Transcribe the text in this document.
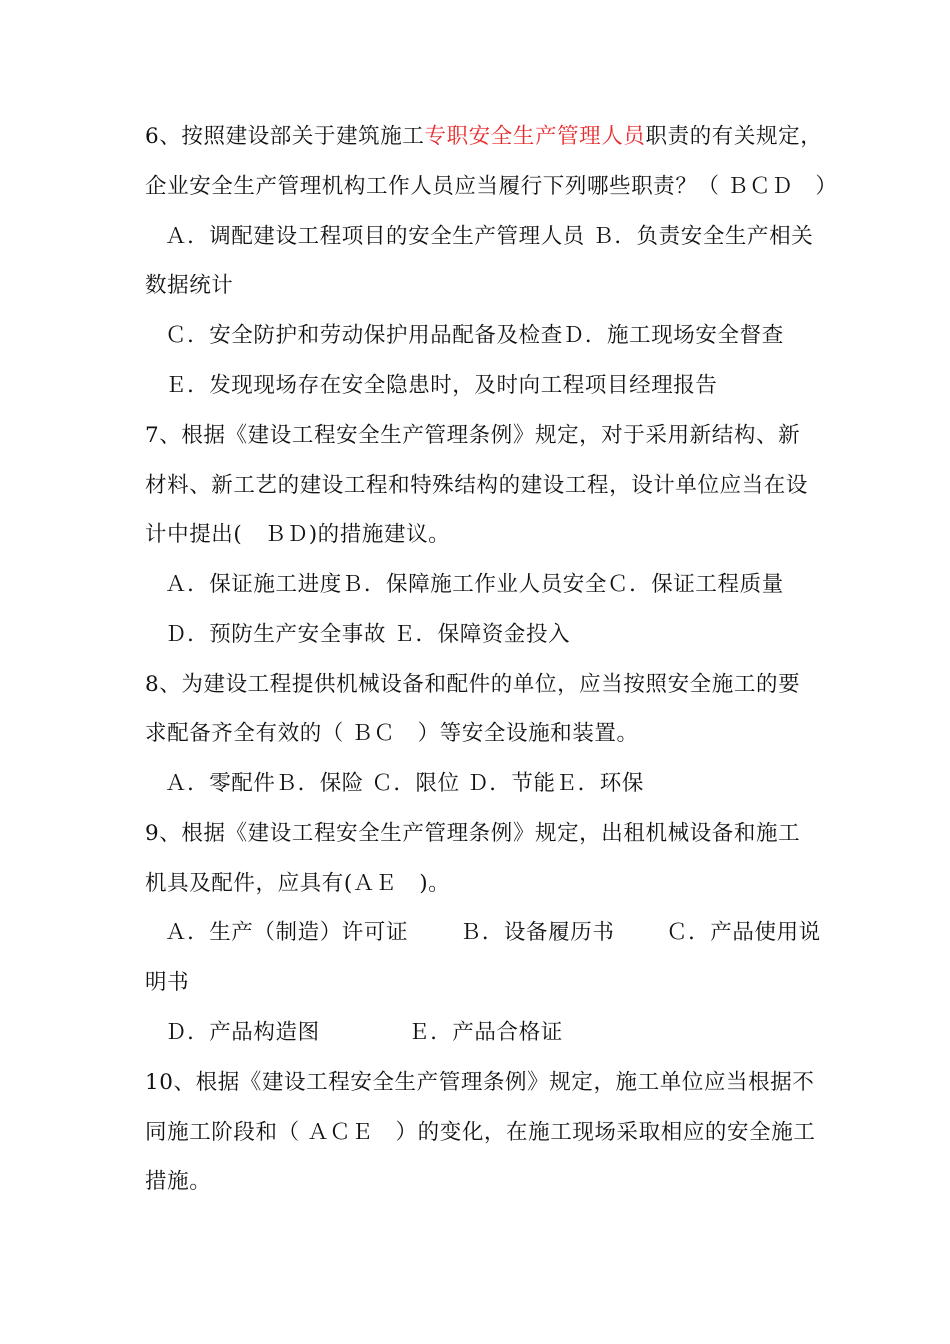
6、按照建设部关于建筑施工专职安全生产管理人员职责的有关规定，
企业安全生产管理机构工作人员应当履行下列哪些职责？（ ＢＣＤ　）
Ａ．调配建设工程项目的安全生产管理人员 Ｂ．负责安全生产相关
数据统计
Ｃ．安全防护和劳动保护用品配备及检查Ｄ．施工现场安全督查
Ｅ．发现现场存在安全隐患时，及时向工程项目经理报告
7、根据《建设工程安全生产管理条例》规定，对于采用新结构、新
材料、新工艺的建设工程和特殊结构的建设工程，设计单位应当在设
计中提出(　ＢＤ)的措施建议。
Ａ．保证施工进度Ｂ．保障施工作业人员安全Ｃ．保证工程质量
Ｄ．预防生产安全事故 Ｅ．保障资金投入
8、为建设工程提供机械设备和配件的单位，应当按照安全施工的要
求配备齐全有效的（ ＢＣ　）等安全设施和装置。
Ａ．零配件Ｂ．保险 Ｃ．限位 Ｄ．节能Ｅ．环保
9、根据《建设工程安全生产管理条例》规定，出租机械设备和施工
机具及配件，应具有(ＡＥ　)。
Ａ．生产（制造）许可证　　 Ｂ．设备履历书　　 Ｃ．产品使用说
明书
Ｄ．产品构造图　　　　Ｅ．产品合格证
10、根据《建设工程安全生产管理条例》规定，施工单位应当根据不
同施工阶段和（ ＡＣＥ　）的变化，在施工现场采取相应的安全施工
措施。
